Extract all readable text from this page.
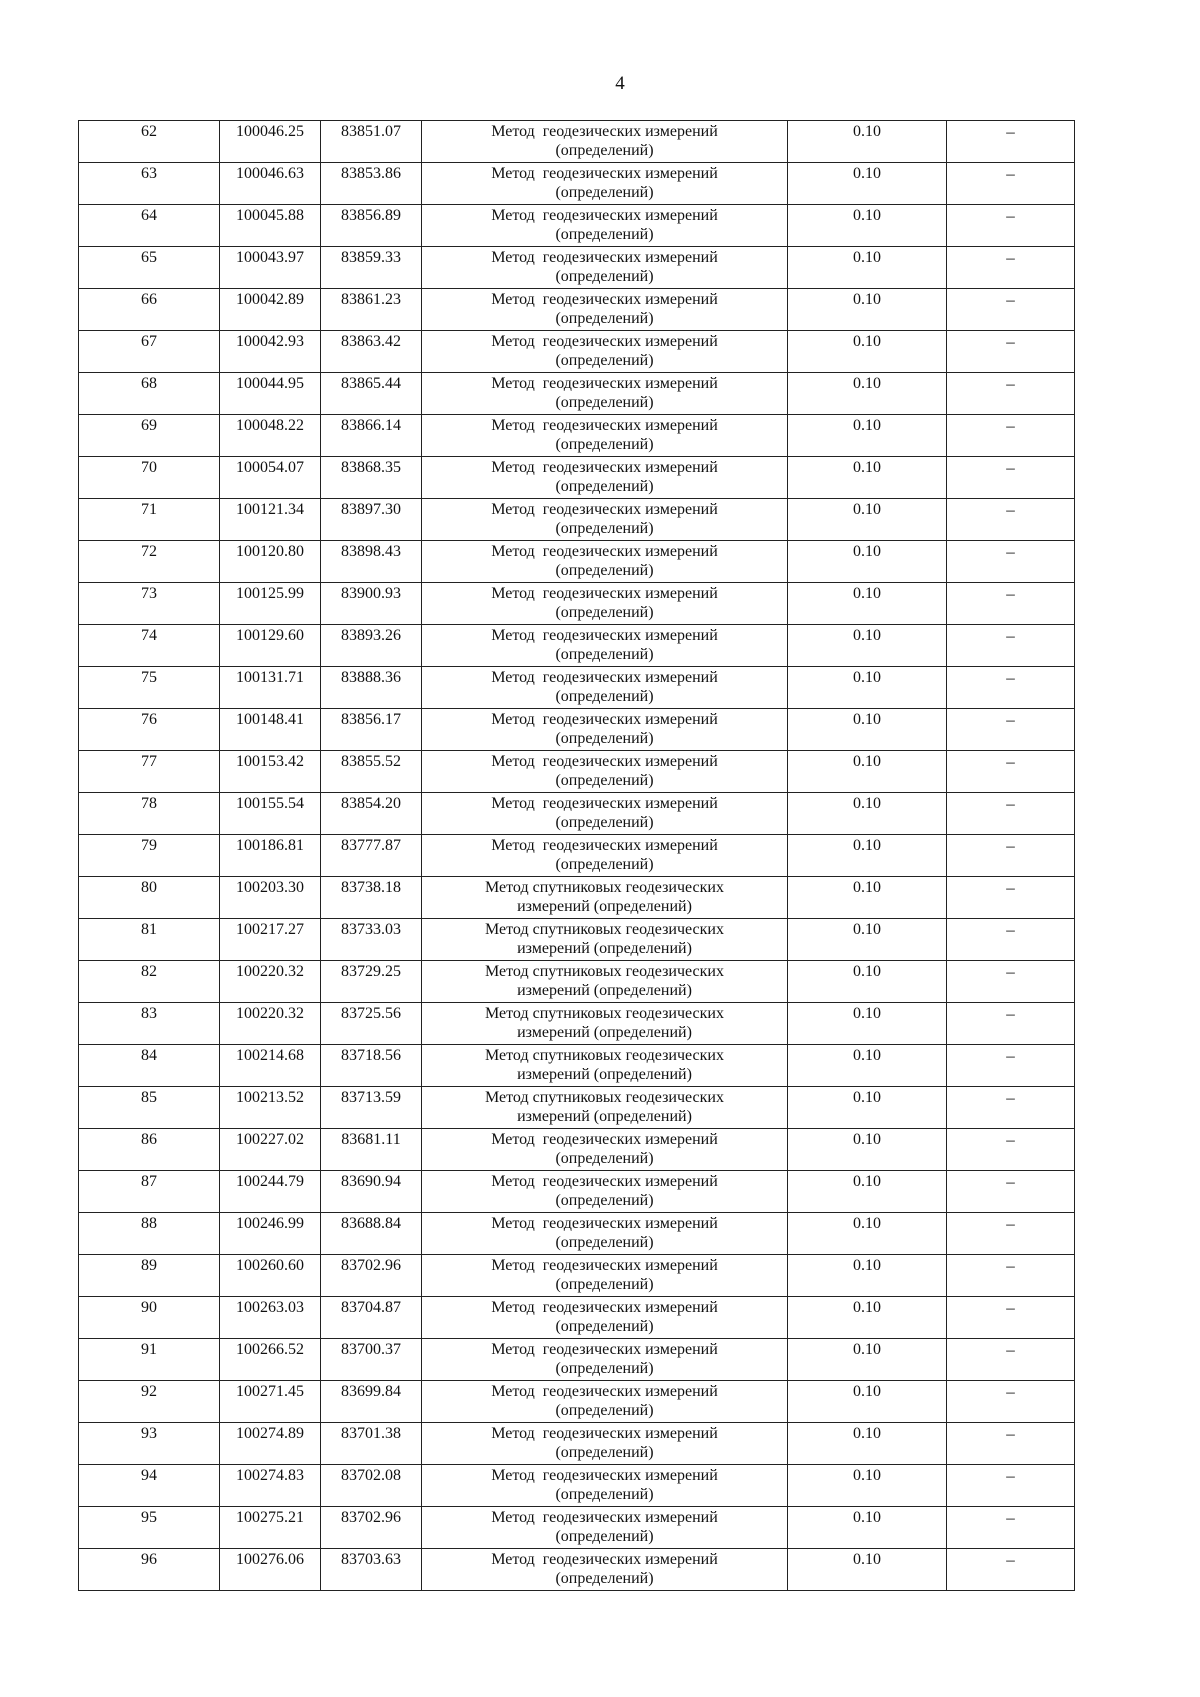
4
62	100046.25	83851.07	Метод  геодезических измерений
(определений)	0.10	–
63	100046.63	83853.86	Метод  геодезических измерений
(определений)	0.10	–
64	100045.88	83856.89	Метод  геодезических измерений
(определений)	0.10	–
65	100043.97	83859.33	Метод  геодезических измерений
(определений)	0.10	–
66	100042.89	83861.23	Метод  геодезических измерений
(определений)	0.10	–
67	100042.93	83863.42	Метод  геодезических измерений
(определений)	0.10	–
68	100044.95	83865.44	Метод  геодезических измерений
(определений)	0.10	–
69	100048.22	83866.14	Метод  геодезических измерений
(определений)	0.10	–
70	100054.07	83868.35	Метод  геодезических измерений
(определений)	0.10	–
71	100121.34	83897.30	Метод  геодезических измерений
(определений)	0.10	–
72	100120.80	83898.43	Метод  геодезических измерений
(определений)	0.10	–
73	100125.99	83900.93	Метод  геодезических измерений
(определений)	0.10	–
74	100129.60	83893.26	Метод  геодезических измерений
(определений)	0.10	–
75	100131.71	83888.36	Метод  геодезических измерений
(определений)	0.10	–
76	100148.41	83856.17	Метод  геодезических измерений
(определений)	0.10	–
77	100153.42	83855.52	Метод  геодезических измерений
(определений)	0.10	–
78	100155.54	83854.20	Метод  геодезических измерений
(определений)	0.10	–
79	100186.81	83777.87	Метод  геодезических измерений
(определений)	0.10	–
80	100203.30	83738.18	Метод спутниковых геодезических
измерений (определений)	0.10	–
81	100217.27	83733.03	Метод спутниковых геодезических
измерений (определений)	0.10	–
82	100220.32	83729.25	Метод спутниковых геодезических
измерений (определений)	0.10	–
83	100220.32	83725.56	Метод спутниковых геодезических
измерений (определений)	0.10	–
84	100214.68	83718.56	Метод спутниковых геодезических
измерений (определений)	0.10	–
85	100213.52	83713.59	Метод спутниковых геодезических
измерений (определений)	0.10	–
86	100227.02	83681.11	Метод  геодезических измерений
(определений)	0.10	–
87	100244.79	83690.94	Метод  геодезических измерений
(определений)	0.10	–
88	100246.99	83688.84	Метод  геодезических измерений
(определений)	0.10	–
89	100260.60	83702.96	Метод  геодезических измерений
(определений)	0.10	–
90	100263.03	83704.87	Метод  геодезических измерений
(определений)	0.10	–
91	100266.52	83700.37	Метод  геодезических измерений
(определений)	0.10	–
92	100271.45	83699.84	Метод  геодезических измерений
(определений)	0.10	–
93	100274.89	83701.38	Метод  геодезических измерений
(определений)	0.10	–
94	100274.83	83702.08	Метод  геодезических измерений
(определений)	0.10	–
95	100275.21	83702.96	Метод  геодезических измерений
(определений)	0.10	–
96	100276.06	83703.63	Метод  геодезических измерений
(определений)	0.10	–
